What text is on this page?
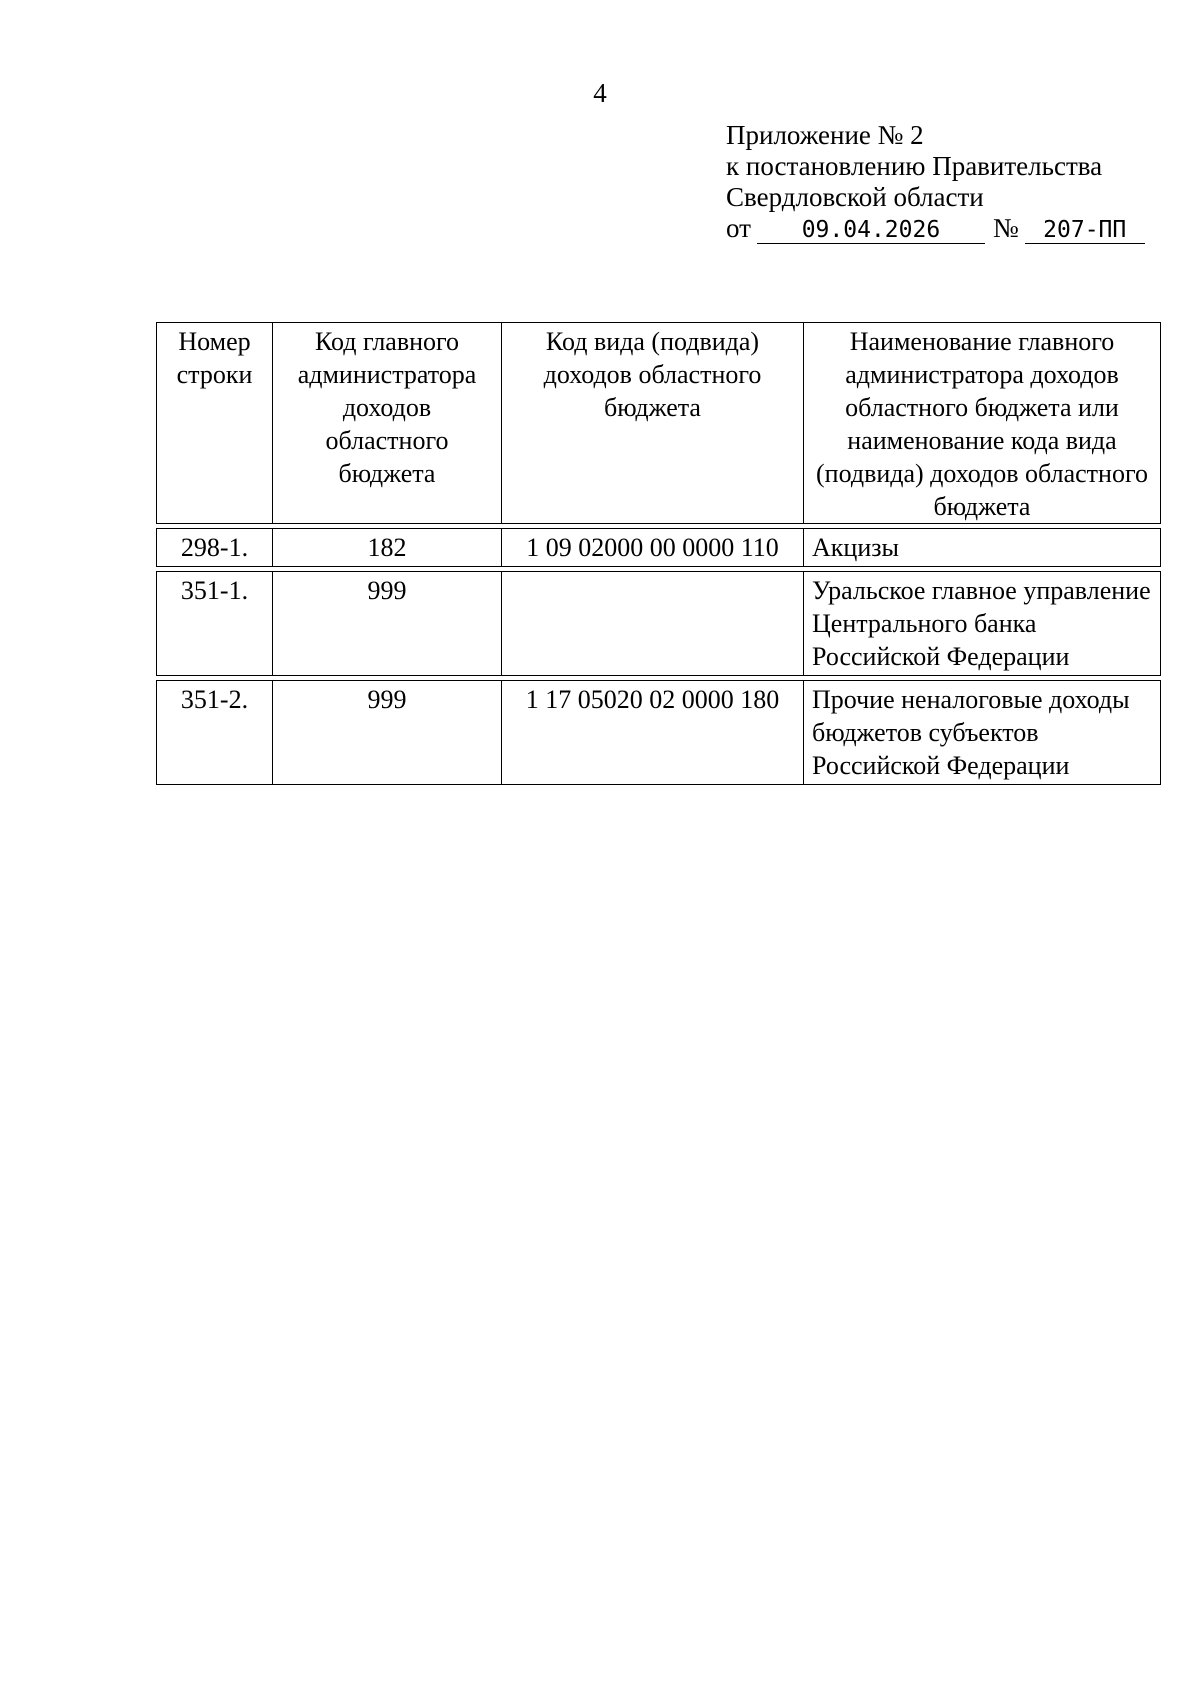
4
Приложение № 2
к постановлению Правительства
Свердловской области
от 09.04.2026 № 207-ПП
Номер строки	Код главного администратора доходов областного бюджета	Код вида (подвида) доходов областного бюджета	Наименование главного администратора доходов областного бюджета или наименование кода вида (подвида) доходов областного бюджета
298-1.	182	1 09 02000 00 0000 110	Акцизы
351-1.	999		Уральское главное управление Центрального банка Российской Федерации
351-2.	999	1 17 05020 02 0000 180	Прочие неналоговые доходы бюджетов субъектов Российской Федерации
